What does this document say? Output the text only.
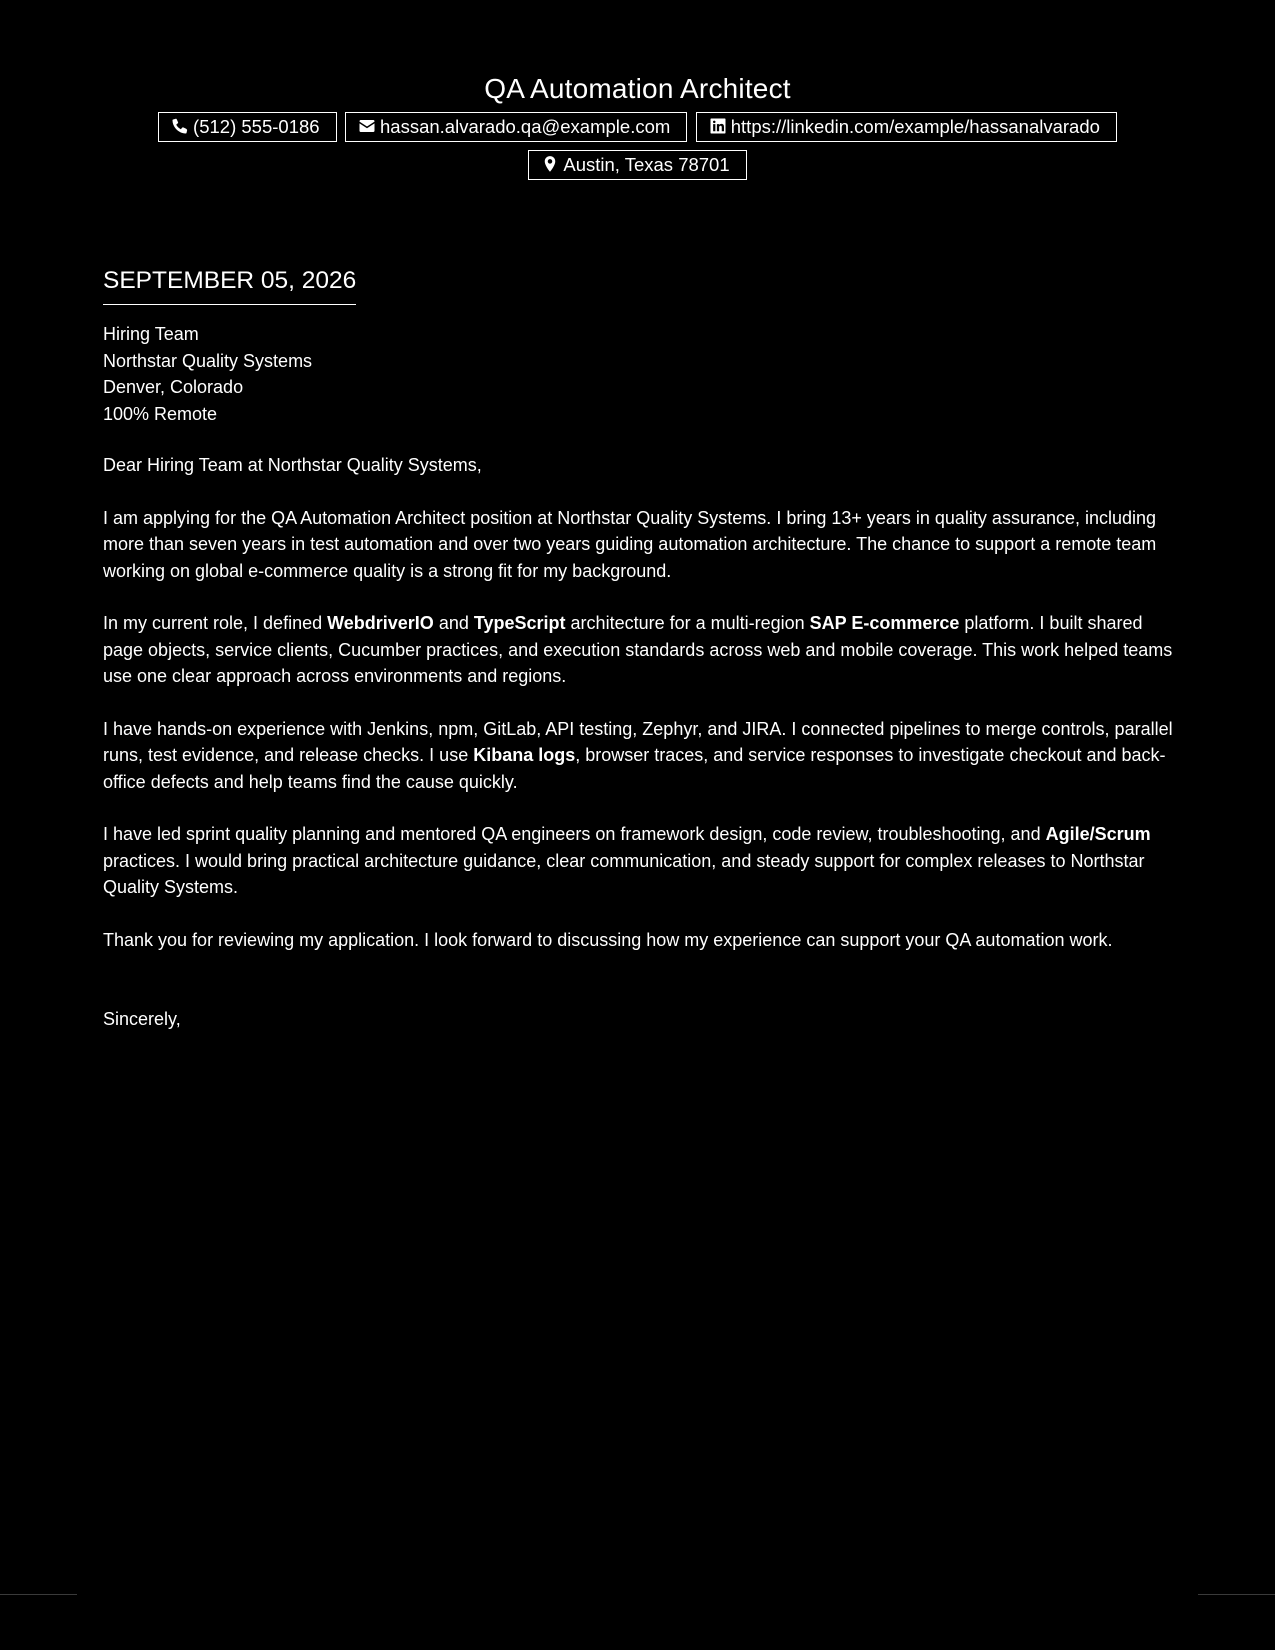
QA Automation Architect
(512) 555-0186	hassan.alvarado.qa@example.com	https://linkedin.com/example/hassanalvarado

Austin, Texas 78701
SEPTEMBER 05, 2026
Hiring Team
Northstar Quality Systems
Denver, Colorado
100% Remote
Dear Hiring Team at Northstar Quality Systems,
I am applying for the QA Automation Architect position at Northstar Quality Systems. I bring 13+ years in quality assurance, including more than seven years in test automation and over two years guiding automation architecture. The chance to support a remote team working on global e-commerce quality is a strong fit for my background.
In my current role, I defined WebdriverIO and TypeScript architecture for a multi-region SAP E-commerce platform. I built shared page objects, service clients, Cucumber practices, and execution standards across web and mobile coverage. This work helped teams use one clear approach across environments and regions.
I have hands-on experience with Jenkins, npm, GitLab, API testing, Zephyr, and JIRA. I connected pipelines to merge controls, parallel runs, test evidence, and release checks. I use Kibana logs, browser traces, and service responses to investigate checkout and back-office defects and help teams find the cause quickly.
I have led sprint quality planning and mentored QA engineers on framework design, code review, troubleshooting, and Agile/Scrum practices. I would bring practical architecture guidance, clear communication, and steady support for complex releases to Northstar Quality Systems.
Thank you for reviewing my application. I look forward to discussing how my experience can support your QA automation work.
Sincerely,
